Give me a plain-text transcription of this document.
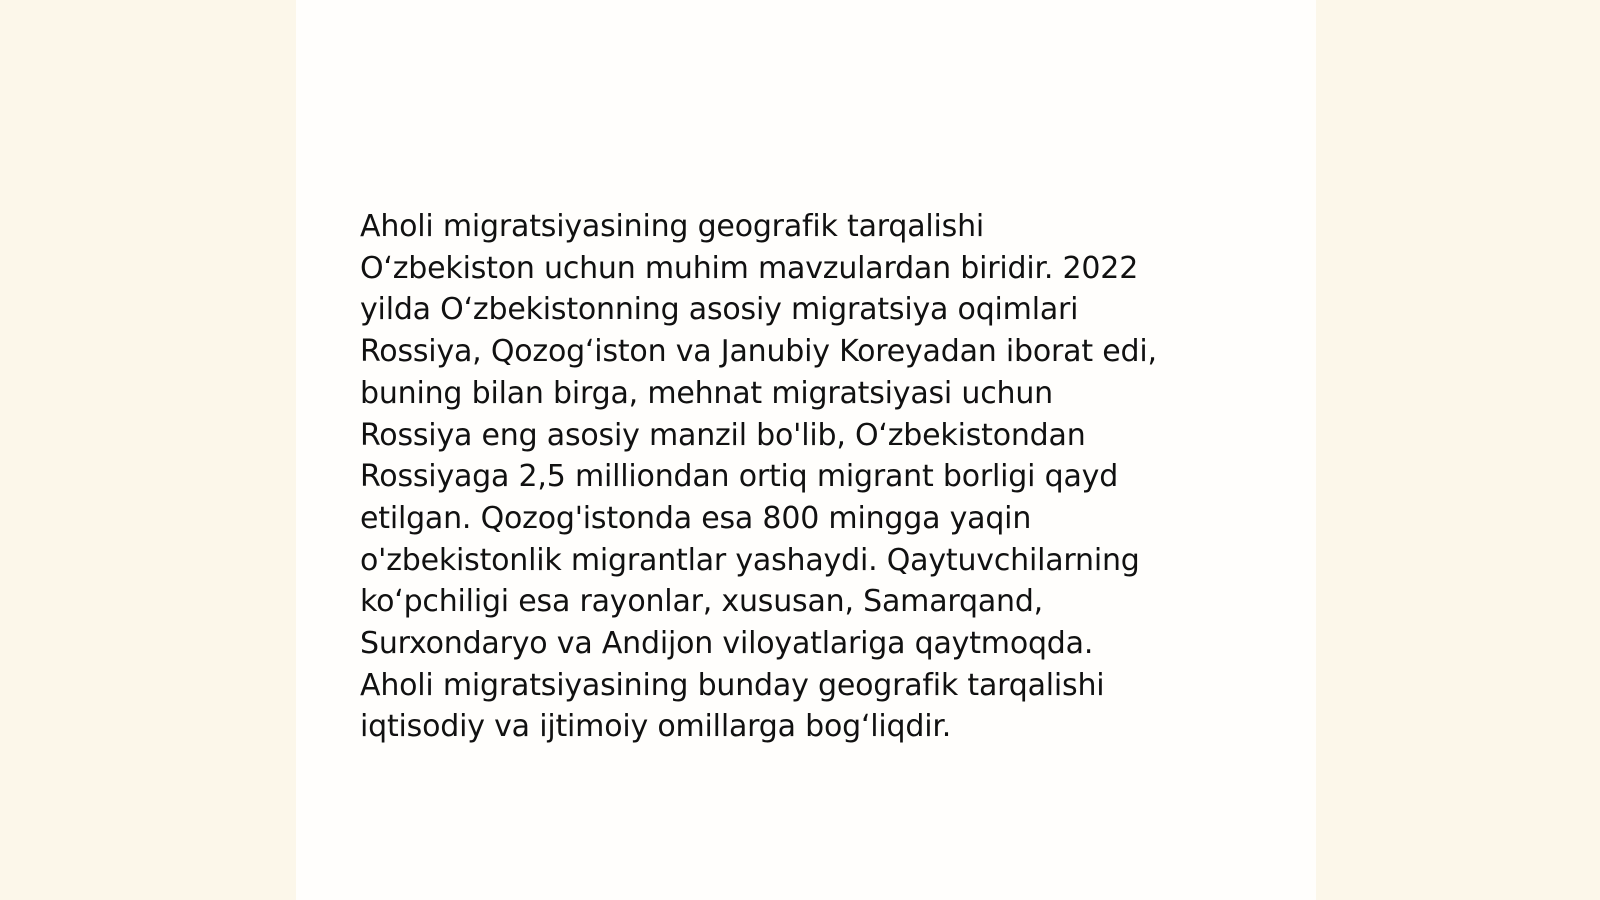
Aholi migratsiyasining geografik tarqalishi
O‘zbekiston uchun muhim mavzulardan biridir. 2022
yilda O‘zbekistonning asosiy migratsiya oqimlari
Rossiya, Qozog‘iston va Janubiy Koreyadan iborat edi,
buning bilan birga, mehnat migratsiyasi uchun
Rossiya eng asosiy manzil bo'lib, O‘zbekistondan
Rossiyaga 2,5 milliondan ortiq migrant borligi qayd
etilgan. Qozog'istonda esa 800 mingga yaqin
o'zbekistonlik migrantlar yashaydi. Qaytuvchilarning
ko‘pchiligi esa rayonlar, xususan, Samarqand,
Surxondaryo va Andijon viloyatlariga qaytmoqda.
Aholi migratsiyasining bunday geografik tarqalishi
iqtisodiy va ijtimoiy omillarga bog‘liqdir.
